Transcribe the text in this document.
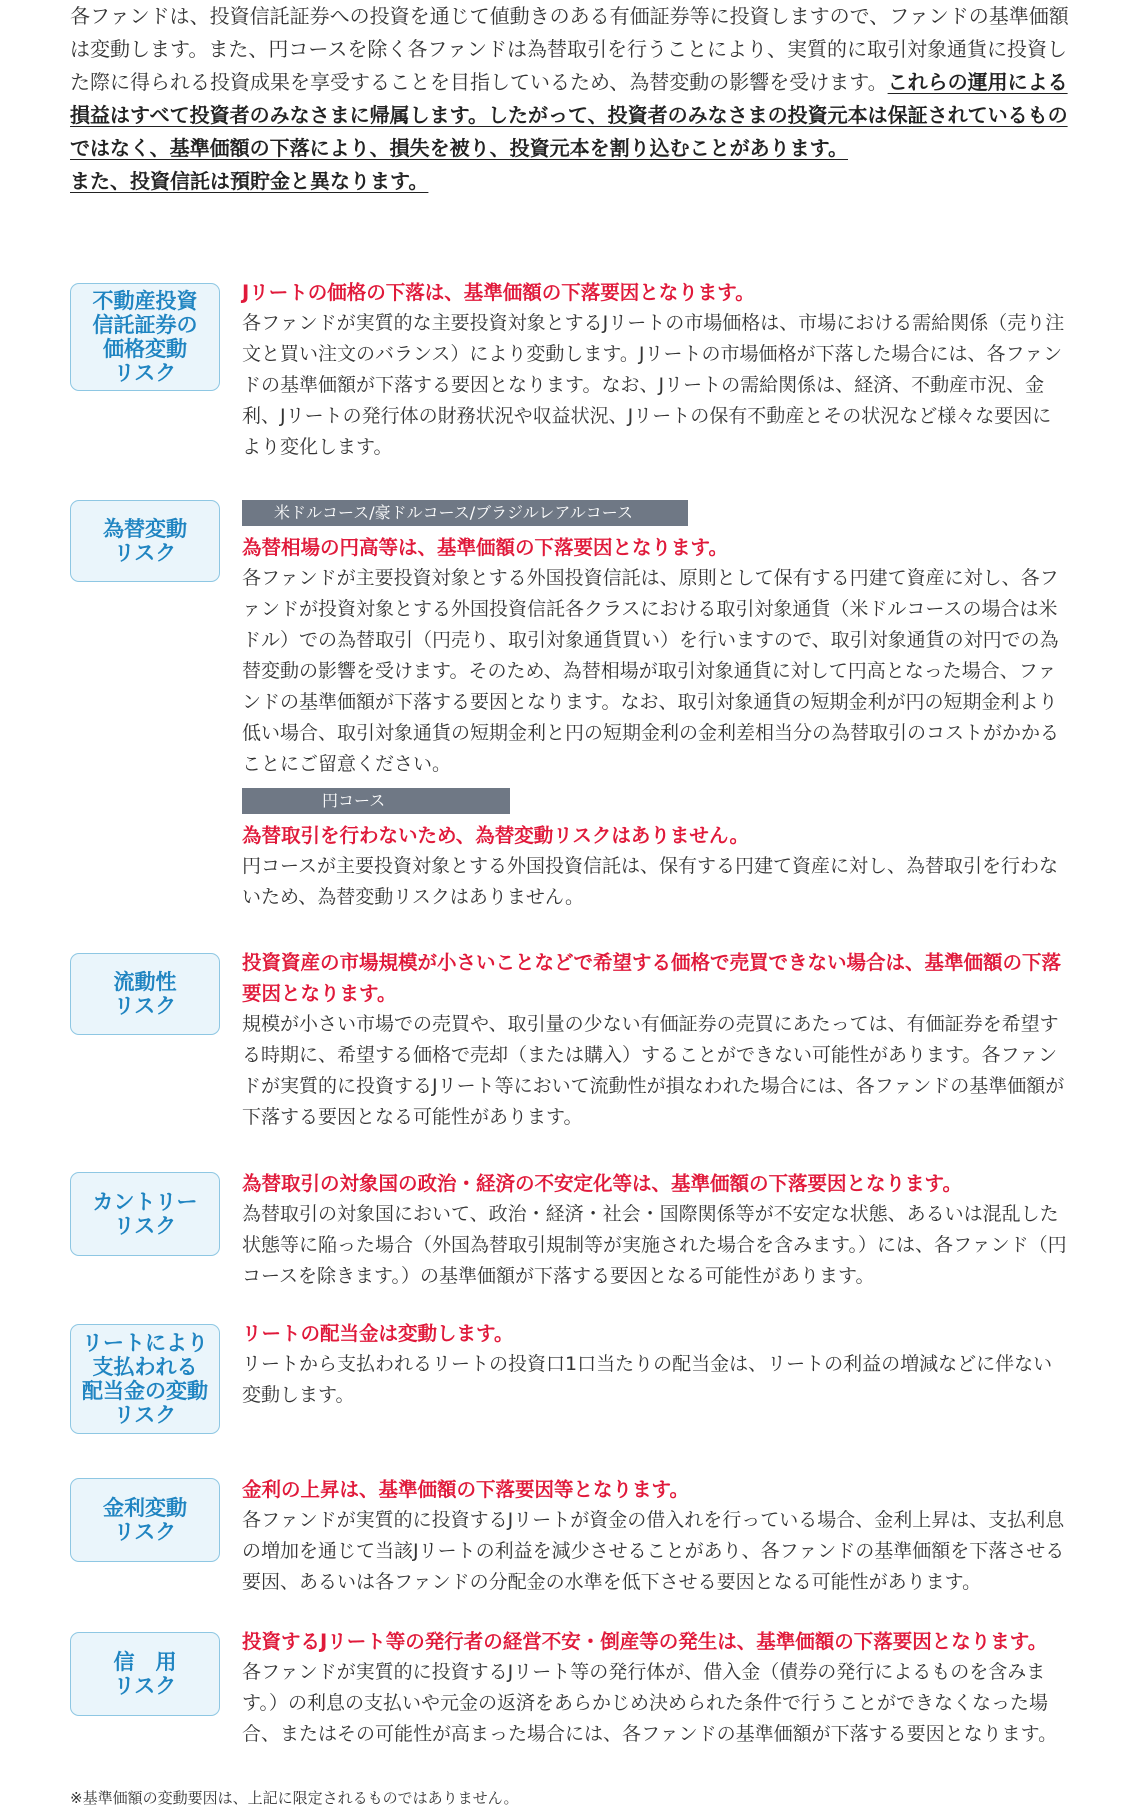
各ファンドは、投資信託証券への投資を通じて値動きのある有価証券等に投資しますので、ファンドの基準価額は変動します。また、円コースを除く各ファンドは為替取引を行うことにより、実質的に取引対象通貨に投資した際に得られる投資成果を享受することを目指しているため、為替変動の影響を受けます。これらの運用による損益はすべて投資者のみなさまに帰属します。したがって、投資者のみなさまの投資元本は保証されているものではなく、基準価額の下落により、損失を被り、投資元本を割り込むことがあります。
また、投資信託は預貯金と異なります。
不動産投資
信託証券の
価格変動
リスク
Jリートの価格の下落は、基準価額の下落要因となります。
各ファンドが実質的な主要投資対象とするJリートの市場価格は、市場における需給関係（売り注文と買い注文のバランス）により変動します。Jリートの市場価格が下落した場合には、各ファンドの基準価額が下落する要因となります。なお、Jリートの需給関係は、経済、不動産市況、金利、Jリートの発行体の財務状況や収益状況、Jリートの保有不動産とその状況など様々な要因により変化します。
為替変動
リスク
米ドルコース/豪ドルコース/ブラジルレアルコース
為替相場の円高等は、基準価額の下落要因となります。
各ファンドが主要投資対象とする外国投資信託は、原則として保有する円建て資産に対し、各ファンドが投資対象とする外国投資信託各クラスにおける取引対象通貨（米ドルコースの場合は米ドル）での為替取引（円売り、取引対象通貨買い）を行いますので、取引対象通貨の対円での為替変動の影響を受けます。そのため、為替相場が取引対象通貨に対して円高となった場合、ファンドの基準価額が下落する要因となります。なお、取引対象通貨の短期金利が円の短期金利より低い場合、取引対象通貨の短期金利と円の短期金利の金利差相当分の為替取引のコストがかかることにご留意ください。
円コース
為替取引を行わないため、為替変動リスクはありません。
円コースが主要投資対象とする外国投資信託は、保有する円建て資産に対し、為替取引を行わないため、為替変動リスクはありません。
流動性
リスク
投資資産の市場規模が小さいことなどで希望する価格で売買できない場合は、基準価額の下落要因となります。
規模が小さい市場での売買や、取引量の少ない有価証券の売買にあたっては、有価証券を希望する時期に、希望する価格で売却（または購入）することができない可能性があります。各ファンドが実質的に投資するJリート等において流動性が損なわれた場合には、各ファンドの基準価額が下落する要因となる可能性があります。
カントリー
リスク
為替取引の対象国の政治・経済の不安定化等は、基準価額の下落要因となります。
為替取引の対象国において、政治・経済・社会・国際関係等が不安定な状態、あるいは混乱した状態等に陥った場合（外国為替取引規制等が実施された場合を含みます。）には、各ファンド（円コースを除きます。）の基準価額が下落する要因となる可能性があります。
リートにより
支払われる
配当金の変動
リスク
リートの配当金は変動します。
リートから支払われるリートの投資口1口当たりの配当金は、リートの利益の増減などに伴ない変動します。
金利変動
リスク
金利の上昇は、基準価額の下落要因等となります。
各ファンドが実質的に投資するJリートが資金の借入れを行っている場合、金利上昇は、支払利息の増加を通じて当該Jリートの利益を減少させることがあり、各ファンドの基準価額を下落させる要因、あるいは各ファンドの分配金の水準を低下させる要因となる可能性があります。
信　用
リスク
投資するJリート等の発行者の経営不安・倒産等の発生は、基準価額の下落要因となります。
各ファンドが実質的に投資するJリート等の発行体が、借入金（債券の発行によるものを含みます。）の利息の支払いや元金の返済をあらかじめ決められた条件で行うことができなくなった場合、またはその可能性が高まった場合には、各ファンドの基準価額が下落する要因となります。
※基準価額の変動要因は、上記に限定されるものではありません。
